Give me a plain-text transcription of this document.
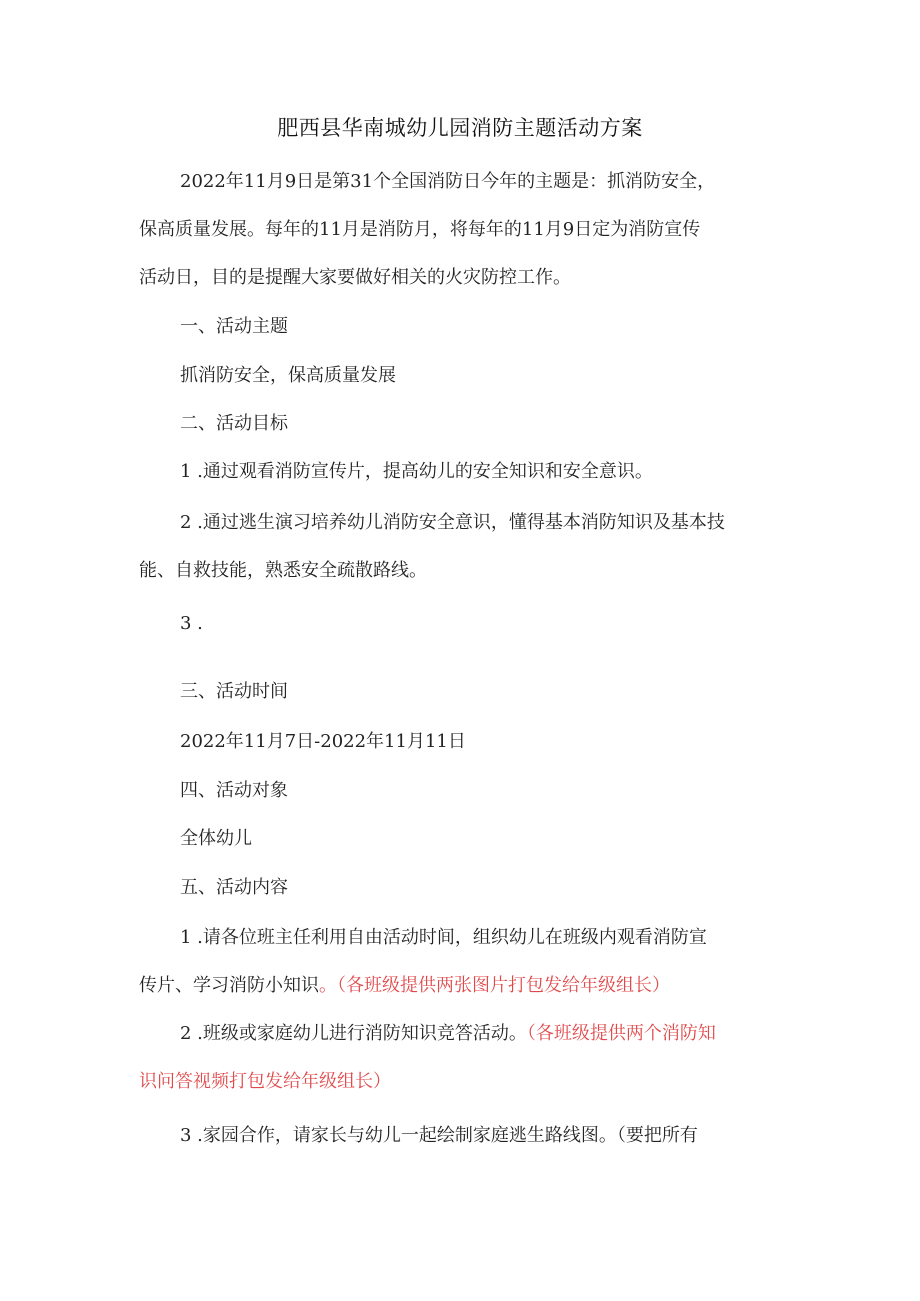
肥西县华南城幼儿园消防主题活动方案
2022年11月9日是第31个全国消防日今年的主题是：抓消防安全，
保高质量发展。每年的11月是消防月，将每年的11月9日定为消防宣传
活动日，目的是提醒大家要做好相关的火灾防控工作。
一、活动主题
抓消防安全，保高质量发展
二、活动目标
1 .通过观看消防宣传片，提高幼儿的安全知识和安全意识。
2 .通过逃生演习培养幼儿消防安全意识，懂得基本消防知识及基本技
能、自救技能，熟悉安全疏散路线。
3 .
三、活动时间
2022年11月7日-2022年11月11日
四、活动对象
全体幼儿
五、活动内容
1 .请各位班主任利用自由活动时间，组织幼儿在班级内观看消防宣
传片、学习消防小知识。（各班级提供两张图片打包发给年级组长）
2 .班级或家庭幼儿进行消防知识竞答活动。（各班级提供两个消防知
识问答视频打包发给年级组长）
3 .家园合作，请家长与幼儿一起绘制家庭逃生路线图。（要把所有
